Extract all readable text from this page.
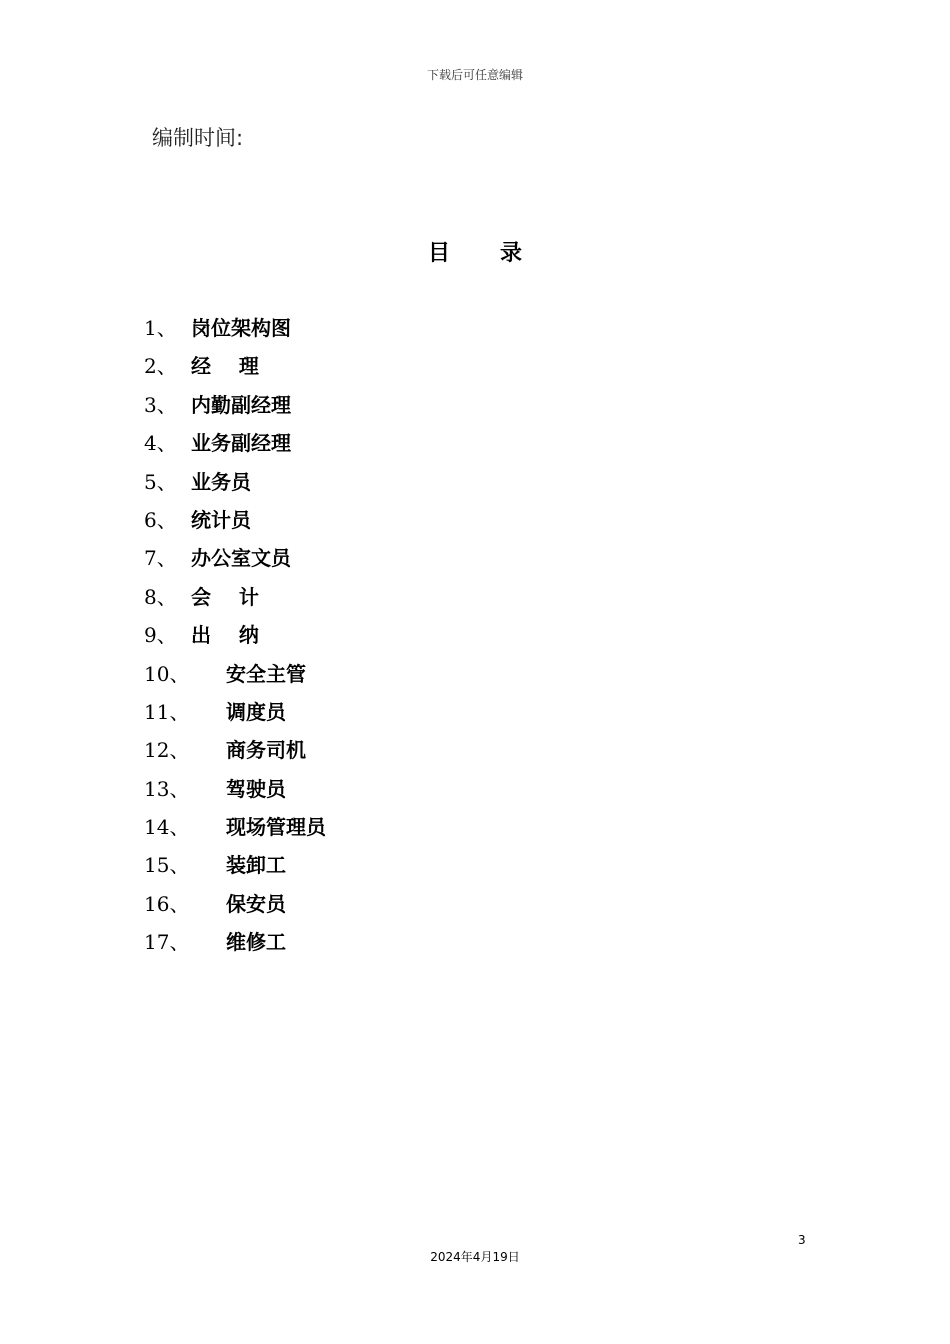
下载后可任意编辑
编制时间:
目录
1、 岗位架构图
2、 经    理
3、 内勤副经理
4、 业务副经理
5、 业务员
6、 统计员
7、 办公室文员
8、 会    计
9、 出    纳
10、 安全主管
11、 调度员
12、 商务司机
13、 驾驶员
14、 现场管理员
15、 装卸工
16、 保安员
17、 维修工
3
2024年4月19日
